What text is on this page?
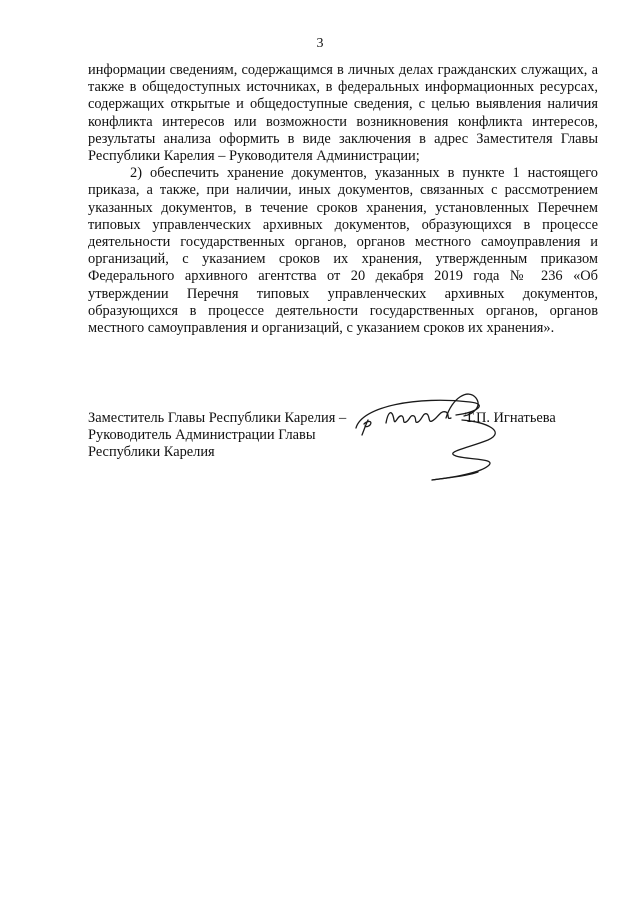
3

информации сведениям, содержащимся в личных делах гражданских служащих, а также в общедоступных источниках, в федеральных информационных ресурсах, содержащих открытые и общедоступные сведения, с целью выявления наличия конфликта интересов или возможности возникновения конфликта интересов, результаты анализа оформить в виде заключения в адрес Заместителя Главы Республики Карелия – Руководителя Администрации;

2) обеспечить хранение документов, указанных в пункте 1 настоящего приказа, а также, при наличии, иных документов, связанных с рассмотрением указанных документов, в течение сроков хранения, установленных Перечнем типовых управленческих архивных документов, образующихся в процессе деятельности государственных органов, органов местного самоуправления и организаций, с указанием сроков их хранения, утвержденным приказом Федерального архивного агентства от 20 декабря 2019 года № 236 «Об утверждении Перечня типовых управленческих архивных документов, образующихся в процессе деятельности государственных органов, органов местного самоуправления и организаций, с указанием сроков их хранения».

Заместитель Главы Республики Карелия –
Руководитель Администрации Главы
Республики Карелия
Т.П. Игнатьева
